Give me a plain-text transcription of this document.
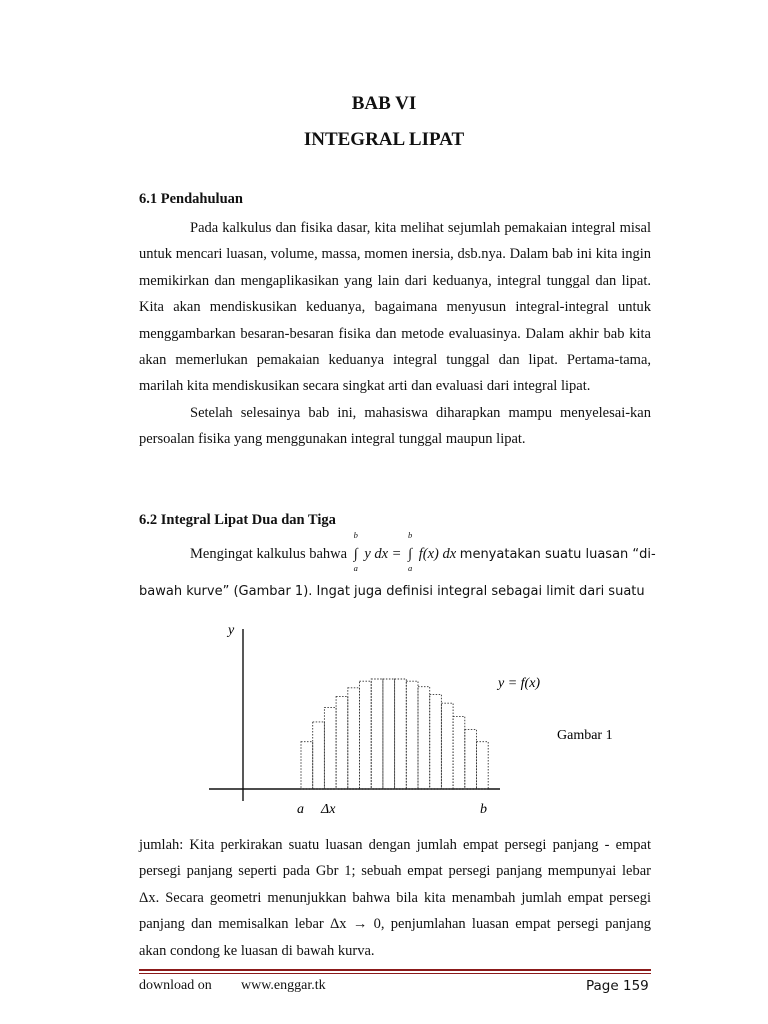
BAB VI
INTEGRAL LIPAT
6.1 Pendahuluan

Pada kalkulus dan fisika dasar, kita melihat sejumlah pemakaian integral misal untuk mencari luasan, volume, massa, momen inersia, dsb.nya. Dalam bab ini kita ingin memikirkan dan mengaplikasikan yang lain dari keduanya, integral tunggal dan lipat. Kita akan mendiskusikan keduanya, bagaimana menyusun integral-integral untuk menggambarkan besaran-besaran fisika dan metode evaluasinya. Dalam akhir bab kita akan memerlukan pemakaian keduanya integral tunggal dan lipat. Pertama-tama, marilah kita mendiskusikan secara singkat arti dan evaluasi dari integral lipat.

Setelah selesainya bab ini, mahasiswa diharapkan mampu menyelesai-kan persoalan fisika yang menggunakan integral tunggal maupun lipat.

6.2 Integral Lipat Dua dan Tiga
Mengingat kalkulus bahwa ∫
b
a
y dx = ∫
b
a
f(x) dx menyatakan suatu luasan “di-
bawah kurve” (Gambar 1). Ingat juga definisi integral sebagai limit dari suatu
y
y = f(x)
Gambar 1
a Δx	b

jumlah: Kita perkirakan suatu luasan dengan jumlah empat persegi panjang - empat persegi panjang seperti pada Gbr 1; sebuah empat persegi panjang mempunyai lebar Δx. Secara geometri menunjukkan bahwa bila kita menambah jumlah empat persegi panjang dan memisalkan lebar Δx → 0, penjumlahan luasan empat persegi panjang akan condong ke luasan di bawah kurva.

download on www.enggar.tk	Page 159
